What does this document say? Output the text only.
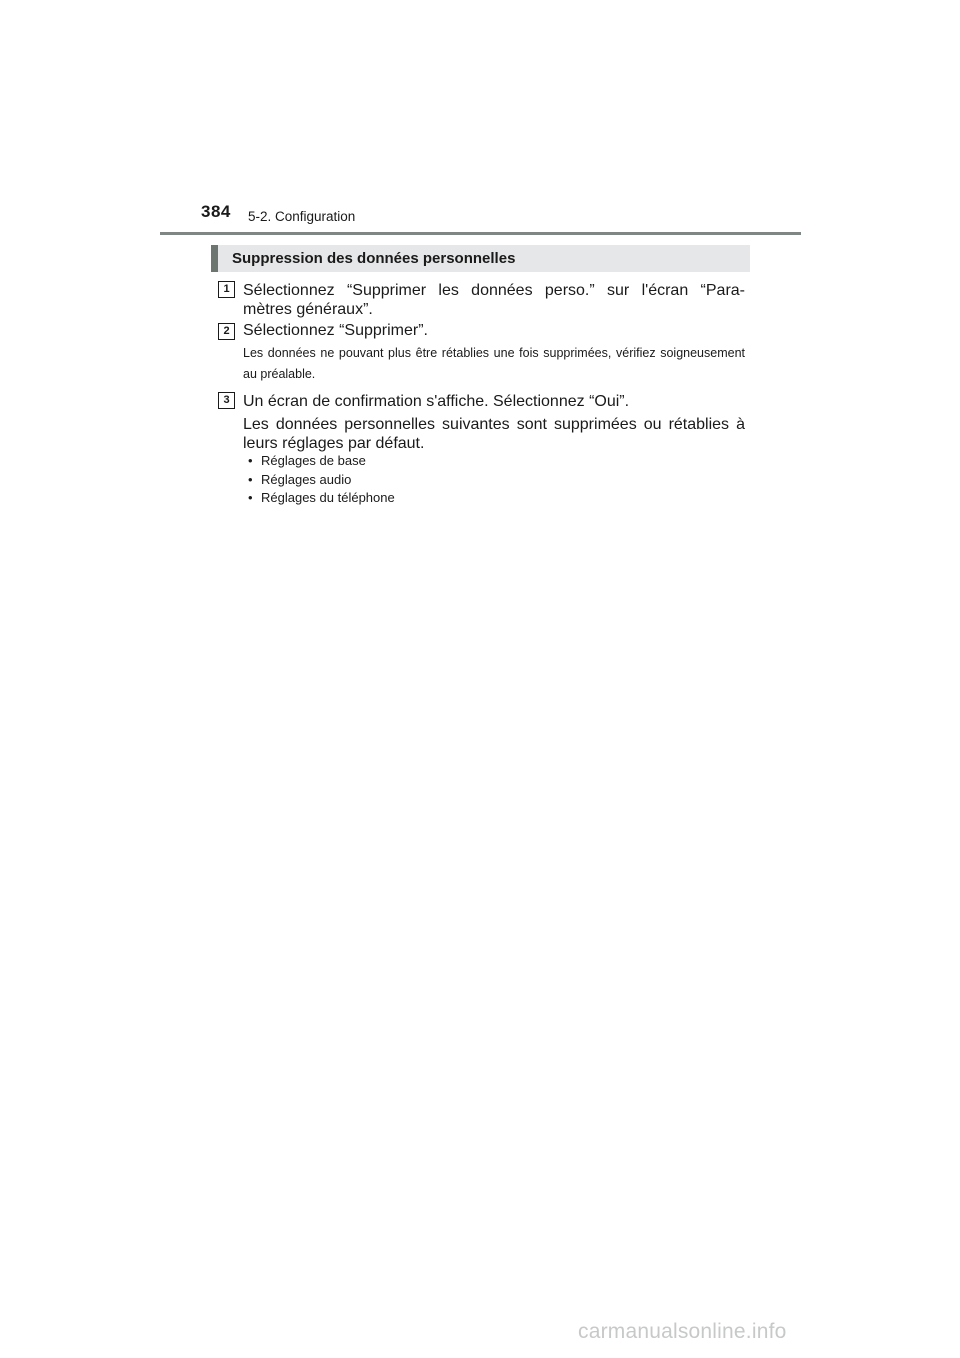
384 5-2. Configuration
Suppression des données personnelles
1 Sélectionnez “Supprimer les données perso.” sur l'écran “Para-
mètres généraux”.
2 Sélectionnez “Supprimer”.
Les données ne pouvant plus être rétablies une fois supprimées, vérifiez soigneusement au préalable.
3 Un écran de confirmation s'affiche. Sélectionnez “Oui”.
Les données personnelles suivantes sont supprimées ou rétablies à leurs réglages par défaut.
• Réglages de base
• Réglages audio
• Réglages du téléphone
carmanualsonline.info
